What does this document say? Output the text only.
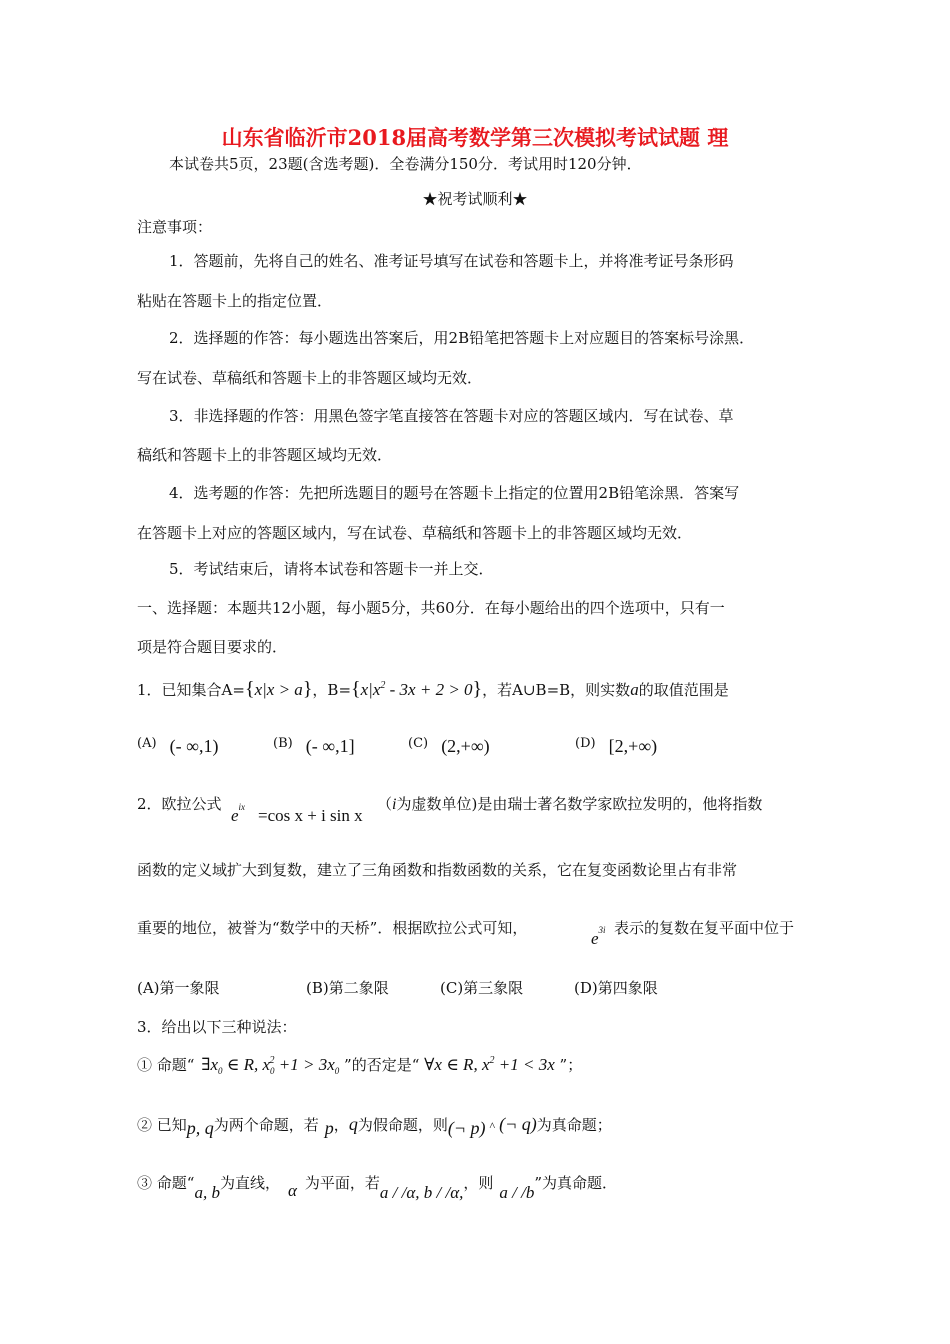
山东省临沂市2018届高考数学第三次模拟考试试题 理
本试卷共5页，23题(含选考题)．全卷满分150分．考试用时120分钟．
★祝考试顺利★
注意事项：
1．答题前，先将自己的姓名、准考证号填写在试卷和答题卡上，并将准考证号条形码
粘贴在答题卡上的指定位置．
2．选择题的作答：每小题选出答案后，用2B铅笔把答题卡上对应题目的答案标号涂黑．
写在试卷、草稿纸和答题卡上的非答题区域均无效．
3．非选择题的作答：用黑色签字笔直接答在答题卡对应的答题区域内．写在试卷、草
稿纸和答题卡上的非答题区域均无效．
4．选考题的作答：先把所选题目的题号在答题卡上指定的位置用2B铅笔涂黑．答案写
在答题卡上对应的答题区域内，写在试卷、草稿纸和答题卡上的非答题区域均无效．
5．考试结束后，请将本试卷和答题卡一并上交．
一、选择题：本题共12小题，每小题5分，共60分．在每小题给出的四个选项中，只有一
项是符合题目要求的．
1．已知集合A={x|x > a}，$B=\{x|x^2 - 3x + 2 > 0\}$，若A∪B=B，则实数a的取值范围是
$^{(A)}$ (- ∞,1)	$^{(B)}$ (- ∞,1]	$^{(C)}$ (2,+∞)	$^{(D)}$ [2,+∞)
2．欧拉公式
$e^{ix} =\cos$ x + i sin x
（i为虚数单位)是由瑞士著名数学家欧拉发明的，他将指数
函数的定义域扩大到复数，建立了三角函数和指数函数的关系，它在复变函数论里占有非常
重要的地位，被誉为“数学中的天桥”．根据欧拉公式可知，
$e^{3i}$ 表示的复数在复平面中位于
(A)第一象限	(B)第二象限	(C)第三象限	(D)第四象限
3．给出以下三种说法：
① 命题“ $\exists x_0$ ∈ R, $x_0^2 +1 > 3x_0$ ”的否定是“ ∀x ∈ R, $x^2 +1 < 3x$ ”；
② 已知p, q为两个命题，若 p，q为假命题，则(¬ p) ^ (¬ q)为真命题；
③ 命题“a, b为直线， α 为平面，若a / /α, b / /α,，则 a / /b”为真命题．
